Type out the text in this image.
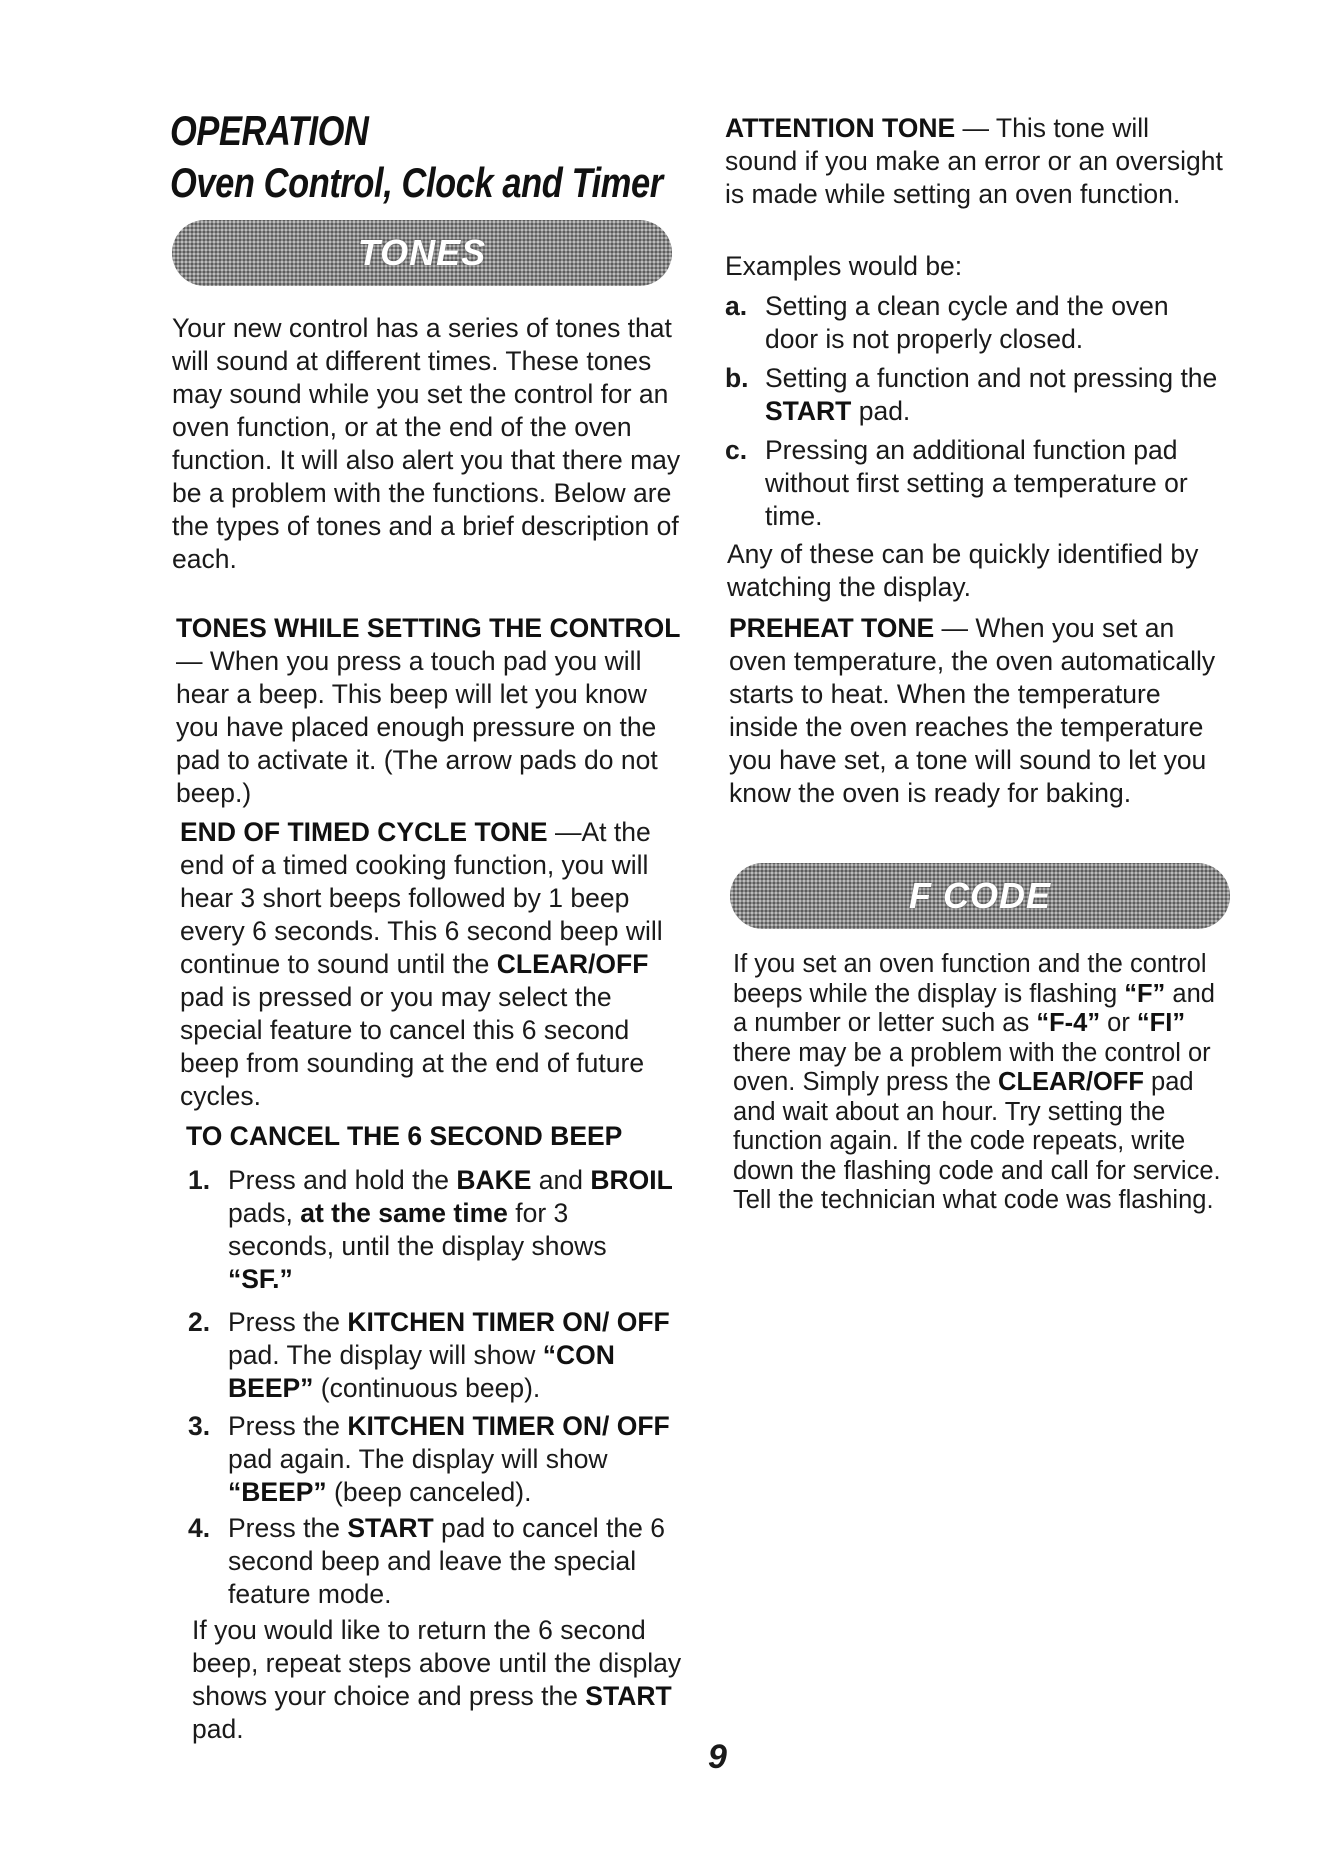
OPERATION
Oven Control, Clock and Timer
TONES

Your new control has a series of tones that will sound at different times. These tones may sound while you set the control for an oven function, or at the end of the oven function. It will also alert you that there may be a problem with the functions. Below are the types of tones and a brief description of each.

TONES WHILE SETTING THE CONTROL — When you press a touch pad you will hear a beep. This beep will let you know you have placed enough pressure on the pad to activate it. (The arrow pads do not beep.)

END OF TIMED CYCLE TONE —At the end of a timed cooking function, you will hear 3 short beeps followed by 1 beep every 6 seconds. This 6 second beep will continue to sound until the CLEAR/OFF pad is pressed or you may select the special feature to cancel this 6 second beep from sounding at the end of future cycles.

TO CANCEL THE 6 SECOND BEEP

1. Press and hold the BAKE and BROIL pads, at the same time for 3 seconds, until the display shows “SF.”
2. Press the KITCHEN TIMER ON/ OFF pad. The display will show “CON BEEP” (continuous beep).
3. Press the KITCHEN TIMER ON/ OFF pad again. The display will show “BEEP” (beep canceled).
4. Press the START pad to cancel the 6 second beep and leave the special feature mode.

If you would like to return the 6 second beep, repeat steps above until the display shows your choice and press the START pad.

ATTENTION TONE — This tone will sound if you make an error or an oversight is made while setting an oven function.

Examples would be:

a. Setting a clean cycle and the oven door is not properly closed.
b. Setting a function and not pressing the START pad.
c. Pressing an additional function pad without first setting a temperature or time.

Any of these can be quickly identified by watching the display.

PREHEAT TONE — When you set an oven temperature, the oven automatically starts to heat. When the temperature inside the oven reaches the temperature you have set, a tone will sound to let you know the oven is ready for baking.

F CODE

If you set an oven function and the control beeps while the display is flashing “F” and a number or letter such as “F-4” or “FI” there may be a problem with the control or oven. Simply press the CLEAR/OFF pad and wait about an hour. Try setting the function again. If the code repeats, write down the flashing code and call for service. Tell the technician what code was flashing.

9
